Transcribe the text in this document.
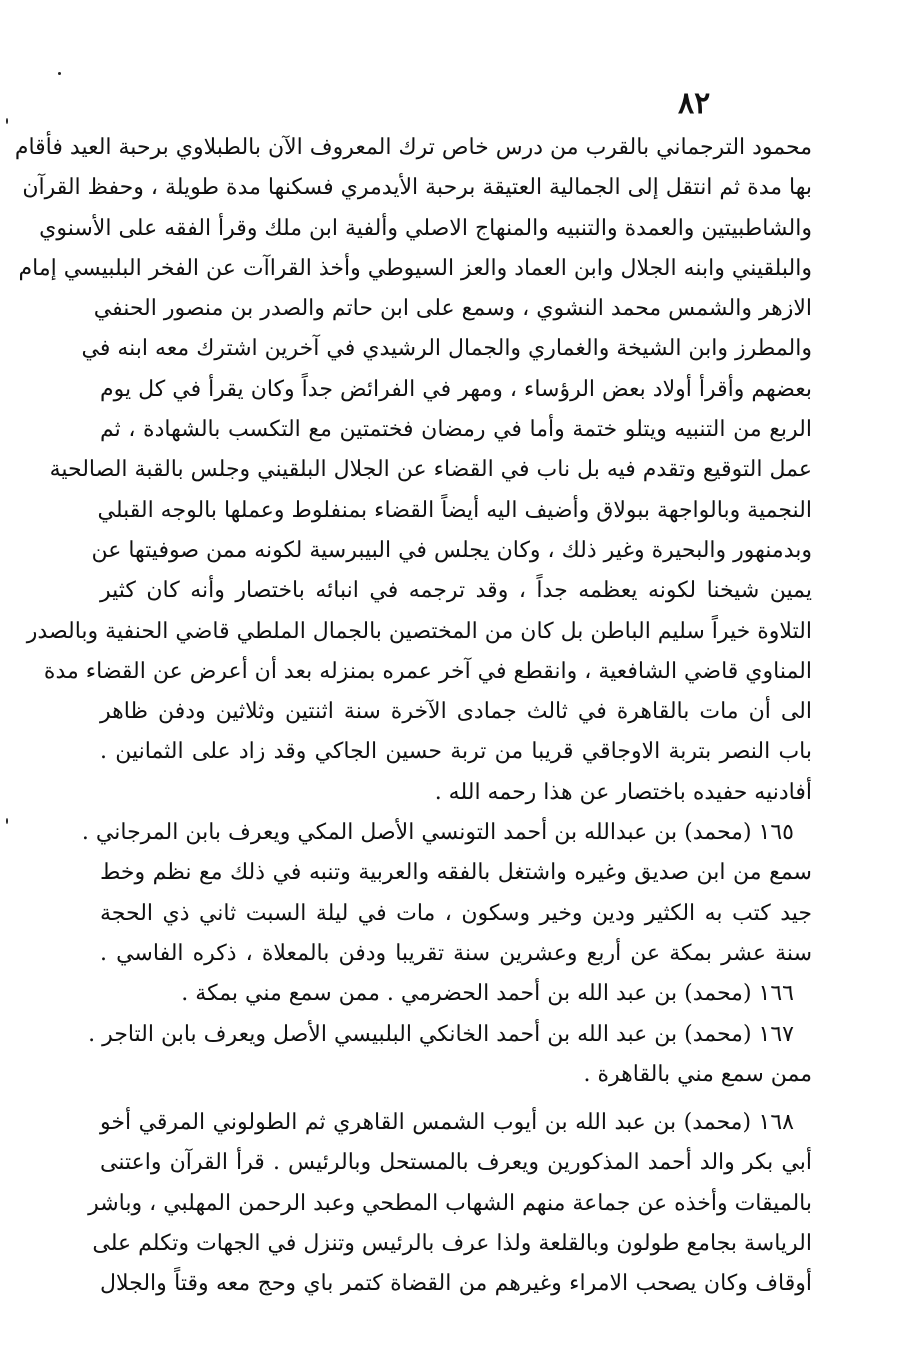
٨٢
محمود الترجماني بالقرب من درس خاص ترك المعروف الآن بالطبلاوي برحبة العيد فأقام
بها مدة ثم انتقل إلى الجمالية العتيقة برحبة الأيدمري فسكنها مدة طويلة ، وحفظ القرآن
والشاطبيتين والعمدة والتنبيه والمنهاج الاصلي وألفية ابن ملك وقرأ الفقه على الأسنوي
والبلقيني وابنه الجلال وابن العماد والعز السيوطي وأخذ القراآت عن الفخر البلبيسي إمام
الازهر والشمس محمد النشوي ، وسمع على ابن حاتم والصدر بن منصور الحنفي
والمطرز وابن الشيخة والغماري والجمال الرشيدي في آخرين اشترك معه ابنه في
بعضهم وأقرأ أولاد بعض الرؤساء ، ومهر في الفرائض جداً وكان يقرأ في كل يوم
الربع من التنبيه ويتلو ختمة وأما في رمضان فختمتين مع التكسب بالشهادة ، ثم
عمل التوقيع وتقدم فيه بل ناب في القضاء عن الجلال البلقيني وجلس بالقبة الصالحية
النجمية وبالواجهة ببولاق وأضيف اليه أيضاً القضاء بمنفلوط وعملها بالوجه القبلي
وبدمنهور والبحيرة وغير ذلك ، وكان يجلس في البيبرسية لكونه ممن صوفيتها عن
يمين شيخنا لكونه يعظمه جداً ، وقد ترجمه في انبائه باختصار وأنه كان كثير
التلاوة خيراً سليم الباطن بل كان من المختصين بالجمال الملطي قاضي الحنفية وبالصدر
المناوي قاضي الشافعية ، وانقطع في آخر عمره بمنزله بعد أن أعرض عن القضاء مدة
الى أن مات بالقاهرة في ثالث جمادى الآخرة سنة اثنتين وثلاثين ودفن ظاهر
باب النصر بتربة الاوجاقي قريبا من تربة حسين الجاكي وقد زاد على الثمانين .
أفادنيه حفيده باختصار عن هذا رحمه الله .
١٦٥ (محمد) بن عبدالله بن أحمد التونسي الأصل المكي ويعرف بابن المرجاني .
سمع من ابن صديق وغيره واشتغل بالفقه والعربية وتنبه في ذلك مع نظم وخط
جيد كتب به الكثير ودين وخير وسكون ، مات في ليلة السبت ثاني ذي الحجة
سنة عشر بمكة عن أربع وعشرين سنة تقريبا ودفن بالمعلاة ، ذكره الفاسي .
١٦٦ (محمد) بن عبد الله بن أحمد الحضرمي . ممن سمع مني بمكة .
١٦٧ (محمد) بن عبد الله بن أحمد الخانكي البلبيسي الأصل ويعرف بابن التاجر .
ممن سمع مني بالقاهرة .
١٦٨ (محمد) بن عبد الله بن أيوب الشمس القاهري ثم الطولوني المرقي أخو
أبي بكر والد أحمد المذكورين ويعرف بالمستحل وبالرئيس . قرأ القرآن واعتنى
بالميقات وأخذه عن جماعة منهم الشهاب المطحي وعبد الرحمن المهلبي ، وباشر
الرياسة بجامع طولون وبالقلعة ولذا عرف بالرئيس وتنزل في الجهات وتكلم على
أوقاف وكان يصحب الامراء وغيرهم من القضاة كتمر باي وحج معه وقتاً والجلال
